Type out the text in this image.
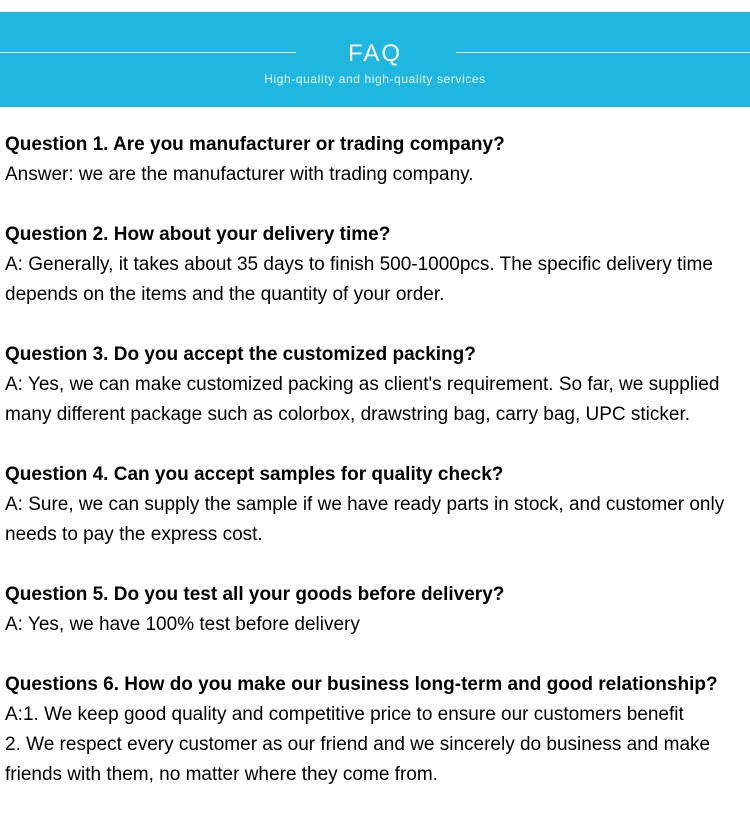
FAQ
High-quality and high-quality services
Question 1. Are you manufacturer or trading company?
Answer: we are the manufacturer with trading company.
Question 2. How about your delivery time?
A: Generally, it takes about 35 days to finish 500-1000pcs. The specific delivery time
depends on the items and the quantity of your order.
Question 3. Do you accept the customized packing?
A: Yes, we can make customized packing as client's requirement. So far, we supplied
many different package such as colorbox, drawstring bag, carry bag, UPC sticker.
Question 4. Can you accept samples for quality check?
A: Sure, we can supply the sample if we have ready parts in stock, and customer only
needs to pay the express cost.
Question 5. Do you test all your goods before delivery?
A: Yes, we have 100% test before delivery
Questions 6. How do you make our business long-term and good relationship?
A:1. We keep good quality and competitive price to ensure our customers benefit
2. We respect every customer as our friend and we sincerely do business and make
friends with them, no matter where they come from.
